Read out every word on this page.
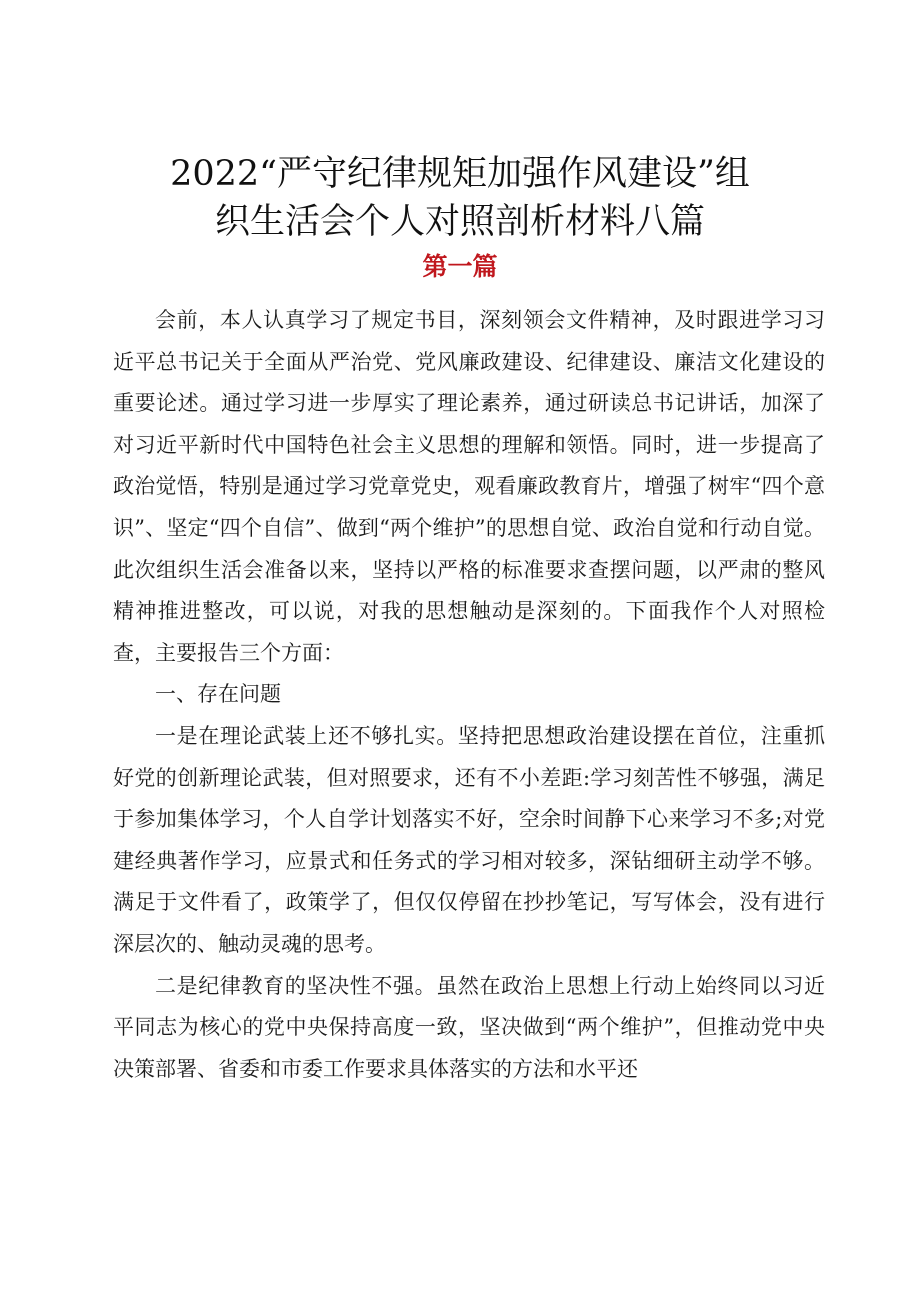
2022“严守纪律规矩加强作风建设”组
织生活会个人对照剖析材料八篇
第一篇

会前，本人认真学习了规定书目，深刻领会文件精神，及时跟进学习习近平总书记关于全面从严治党、党风廉政建设、纪律建设、廉洁文化建设的重要论述。通过学习进一步厚实了理论素养，通过研读总书记讲话，加深了对习近平新时代中国特色社会主义思想的理解和领悟。同时，进一步提高了政治觉悟，特别是通过学习党章党史，观看廉政教育片，增强了树牢“四个意识”、坚定“四个自信”、做到“两个维护”的思想自觉、政治自觉和行动自觉。此次组织生活会准备以来，坚持以严格的标准要求查摆问题，以严肃的整风精神推进整改，可以说，对我的思想触动是深刻的。下面我作个人对照检查，主要报告三个方面：

一、存在问题

一是在理论武装上还不够扎实。坚持把思想政治建设摆在首位，注重抓好党的创新理论武装，但对照要求，还有不小差距:学习刻苦性不够强，满足于参加集体学习，个人自学计划落实不好，空余时间静下心来学习不多;对党建经典著作学习，应景式和任务式的学习相对较多，深钻细研主动学不够。满足于文件看了，政策学了，但仅仅停留在抄抄笔记，写写体会，没有进行深层次的、触动灵魂的思考。

二是纪律教育的坚决性不强。虽然在政治上思想上行动上始终同以习近平同志为核心的党中央保持高度一致，坚决做到“两个维护”，但推动党中央决策部署、省委和市委工作要求具体落实的方法和水平还
